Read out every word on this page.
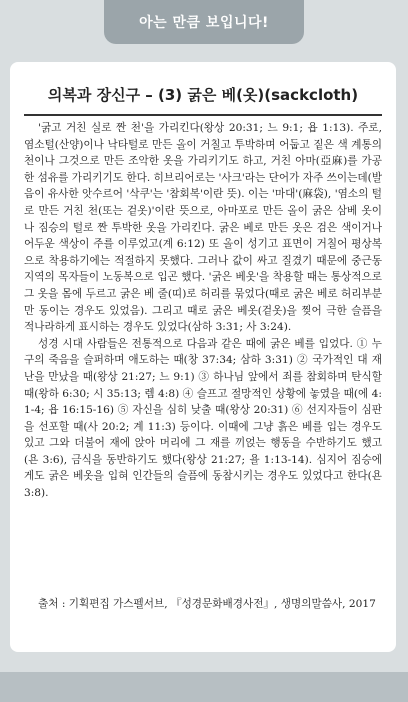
아는 만큼 보입니다!
의복과 장신구 – (3) 굵은 베(옷)(sackcloth)

'굵고 거친 실로 짠 천'을 가리킨다(왕상 20:31; 느 9:1; 욥 1:13). 주로, 염소털(산양)이나 낙타털로 만든 올이 거칠고 투박하며 어둡고 짙은 색 계통의 천이나 그것으로 만든 조악한 옷을 가리키기도 하고, 거친 아마(亞麻)를 가공한 섬유를 가리키기도 한다. 히브리어로는 '사크'라는 단어가 자주 쓰이는데(발음이 유사한 앗수르어 '삭쿠'는 '참회복'이란 뜻). 이는 '마대'(麻袋), '염소의 털로 만든 거친 천(또는 겉옷)'이란 뜻으로, 아마포로 만든 올이 굵은 삼베 옷이나 짐승의 털로 짠 투박한 옷을 가리킨다. 굵은 베로 만든 옷은 검은 색이거나 어두운 색상이 주를 이루었고(계 6:12) 또 올이 성기고 표면이 거칠어 평상복으로 착용하기에는 적절하지 못했다. 그러나 값이 싸고 질겼기 때문에 중근동 지역의 목자들이 노동복으로 입곤 했다. '굵은 베옷'을 착용할 때는 통상적으로 그 옷을 몸에 두르고 굵은 베 줄(띠)로 허리를 묶었다(때로 굵은 베로 허리부분만 동이는 경우도 있었음). 그리고 때로 굵은 베옷(겉옷)을 찢어 극한 슬픔을 적나라하게 표시하는 경우도 있었다(삼하 3:31; 사 3:24).

성경 시대 사람들은 전통적으로 다음과 같은 때에 굵은 베를 입었다. ① 누구의 죽음을 슬퍼하며 애도하는 때(창 37:34; 삼하 3:31) ② 국가적인 대 재난을 만났을 때(왕상 21:27; 느 9:1) ③ 하나님 앞에서 죄를 참회하며 탄식할 때(왕하 6:30; 시 35:13; 렘 4:8) ④ 슬프고 절망적인 상황에 놓였을 때(에 4:1-4; 욥 16:15-16) ⑤ 자신을 심히 낮출 때(왕상 20:31) ⑥ 선지자들이 심판을 선포할 때(사 20:2; 계 11:3) 등이다. 이때에 그냥 흙은 베를 입는 경우도 있고 그와 더불어 재에 앉아 머리에 그 재를 끼얹는 행동을 수반하기도 했고(욘 3:6), 금식을 동반하기도 했다(왕상 21:27; 욜 1:13-14). 심지어 짐승에게도 굵은 베옷을 입혀 인간들의 슬픔에 동참시키는 경우도 있었다고 한다(욘 3:8).

출처 : 기획편집 가스펠서브, 『성경문화배경사전』, 생명의말씀사, 2017
